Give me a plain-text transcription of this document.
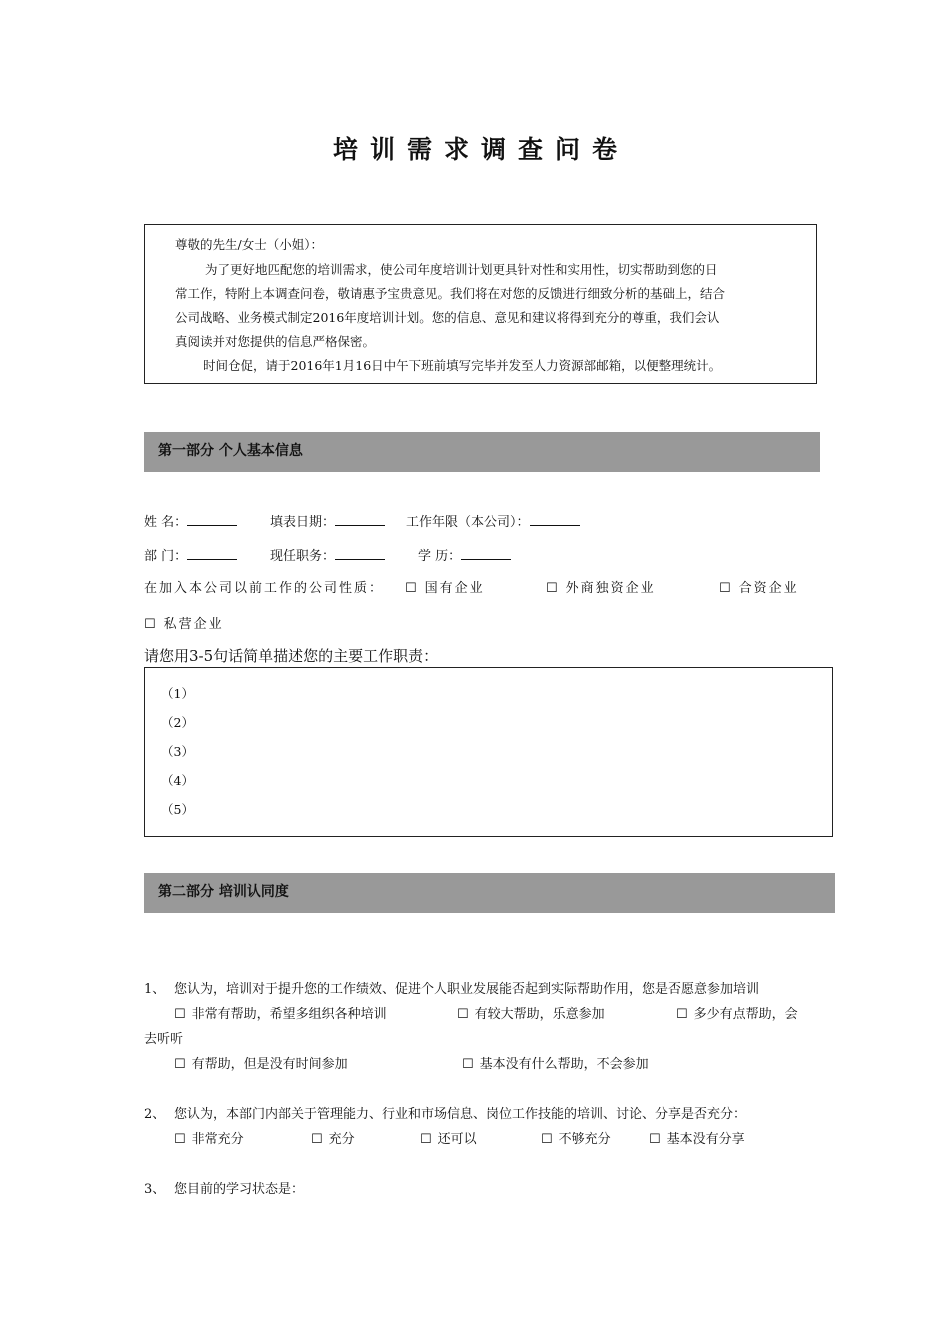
培训需求调查问卷
尊敬的先生/女士（小姐）：
为了更好地匹配您的培训需求，使公司年度培训计划更具针对性和实用性，切实帮助到您的日
常工作，特附上本调查问卷，敬请惠予宝贵意见。我们将在对您的反馈进行细致分析的基础上，结合
公司战略、业务模式制定2016年度培训计划。您的信息、意见和建议将得到充分的尊重，我们会认
真阅读并对您提供的信息严格保密。
时间仓促，请于2016年1月16日中午下班前填写完毕并发至人力资源部邮箱，以便整理统计。
第一部分 个人基本信息
姓 名：	填表日期：	工作年限（本公司）：
部 门：	现任职务：	学 历：
在加入本公司以前工作的公司性质： ☐ 国有企业	☐ 外商独资企业	☐ 合资企业
☐ 私营企业
请您用3-5句话简单描述您的主要工作职责：
（1）
（2）
（3）
（4）
（5）
第二部分 培训认同度
1、 您认为，培训对于提升您的工作绩效、促进个人职业发展能否起到实际帮助作用，您是否愿意参加培训
☐ 非常有帮助，希望多组织各种培训	☐ 有较大帮助，乐意参加	☐ 多少有点帮助，会
去听听
☐ 有帮助，但是没有时间参加	☐ 基本没有什么帮助，不会参加
2、 您认为，本部门内部关于管理能力、行业和市场信息、岗位工作技能的培训、讨论、分享是否充分：
☐ 非常充分	☐ 充分	☐ 还可以	☐ 不够充分	☐ 基本没有分享
3、 您目前的学习状态是：
